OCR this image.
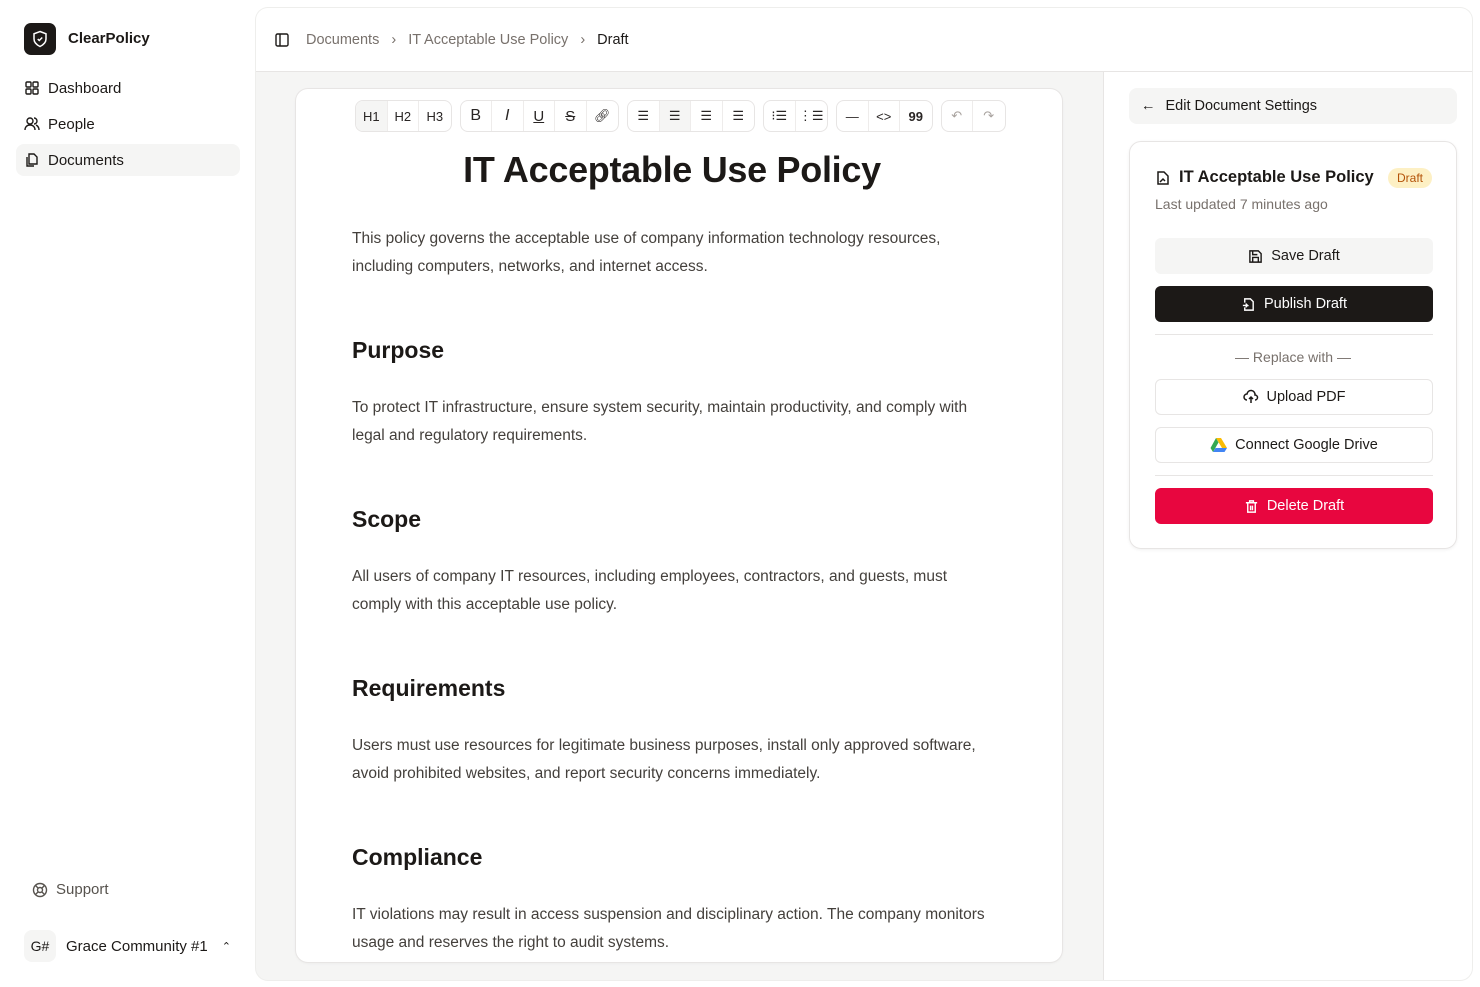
ClearPolicy
Dashboard
People
Documents
Support
G#	Grace Community #1 ⌃

Documents › IT Acceptable Use Policy › Draft
H1	H2	H3	B	I	U	S	🔗︎	☰	☰	☰	☰	⁝☰ ⋮☰	—	<>	99	↶	↷
IT Acceptable Use Policy

This policy governs the acceptable use of company information technology resources, including computers, networks, and internet access.

Purpose

To protect IT infrastructure, ensure system security, maintain productivity, and comply with legal and regulatory requirements.

Scope

All users of company IT resources, including employees, contractors, and guests, must comply with this acceptable use policy.

Requirements

Users must use resources for legitimate business purposes, install only approved software, avoid prohibited websites, and report security concerns immediately.

Compliance

IT violations may result in access suspension and disciplinary action. The company monitors usage and reserves the right to audit systems.

← Edit Document Settings
IT Acceptable Use Policy	Draft
Last updated 7 minutes ago
Save Draft
Publish Draft
— Replace with —
Upload PDF
Connect Google Drive
Delete Draft
